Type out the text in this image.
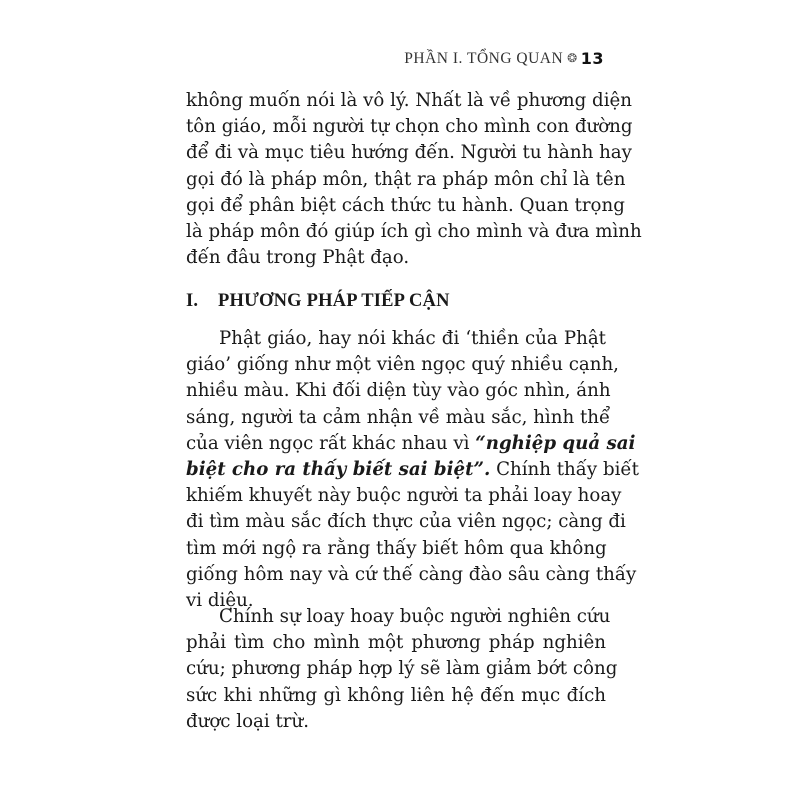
PHẦN I. TỔNG QUAN ❂ 13
không muốn nói là vô lý. Nhất là về phương diện
tôn giáo, mỗi người tự chọn cho mình con đường
để đi và mục tiêu hướng đến. Người tu hành hay
gọi đó là pháp môn, thật ra pháp môn chỉ là tên
gọi để phân biệt cách thức tu hành. Quan trọng
là pháp môn đó giúp ích gì cho mình và đưa mình
đến đâu trong Phật đạo.
I. PHƯƠNG PHÁP TIẾP CẬN
Phật giáo, hay nói khác đi ‘thiền của Phật
giáo’ giống như một viên ngọc quý nhiều cạnh,
nhiều màu. Khi đối diện tùy vào góc nhìn, ánh
sáng, người ta cảm nhận về màu sắc, hình thể
của viên ngọc rất khác nhau vì “nghiệp quả sai
biệt cho ra thấy biết sai biệt”. Chính thấy biết
khiếm khuyết này buộc người ta phải loay hoay
đi tìm màu sắc đích thực của viên ngọc; càng đi
tìm mới ngộ ra rằng thấy biết hôm qua không
giống hôm nay và cứ thế càng đào sâu càng thấy
vi diệu.
Chính sự loay hoay buộc người nghiên cứu
phải tìm cho mình một phương pháp nghiên
cứu; phương pháp hợp lý sẽ làm giảm bớt công
sức khi những gì không liên hệ đến mục đích
được loại trừ.
